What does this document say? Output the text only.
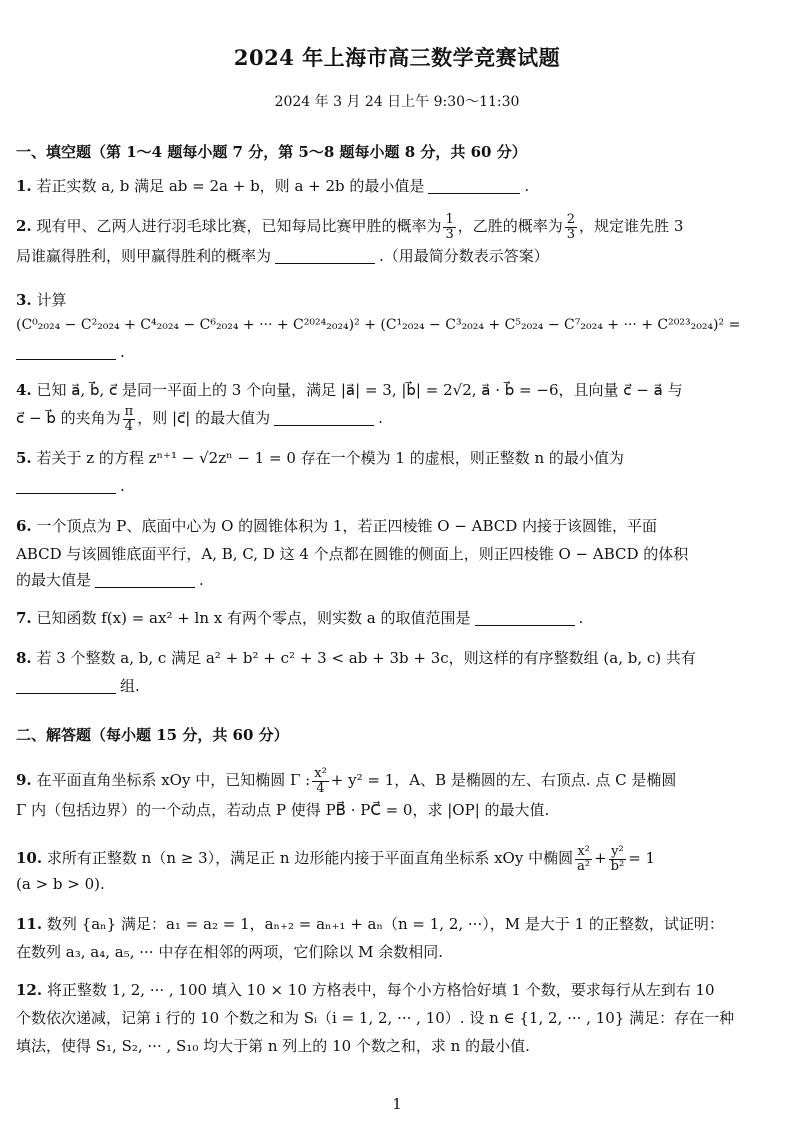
2024 年上海市高三数学竞赛试题
2024 年 3 月 24 日上午 9:30～11:30
一、填空题（第 1～4 题每小题 7 分，第 5～8 题每小题 8 分，共 60 分）
1. 若正实数 a, b 满足 ab = 2a + b，则 a + 2b 的最小值是	.
2. 现有甲、乙两人进行羽毛球比赛，已知每局比赛甲胜的概率为 $\frac{1}{3}$ ，乙胜的概率为 $\frac{2}{3}$ ，规定谁先胜 3
局谁赢得胜利，则甲赢得胜利的概率为	.（用最简分数表示答案）
3. 计算
(C⁰₂₀₂₄ − C²₂₀₂₄ + C⁴₂₀₂₄ − C⁶₂₀₂₄ + ··· + C²⁰²⁴₂₀₂₄)² + (C¹₂₀₂₄ − C³₂₀₂₄ + C⁵₂₀₂₄ − C⁷₂₀₂₄ + ··· + C²⁰²³₂₀₂₄)² =
.
4. 已知 a⃗, b⃗, c⃗ 是同一平面上的 3 个向量，满足 |a⃗| = 3, |b⃗| = 2√2, a⃗ · b⃗ = −6，且向量 c⃗ − a⃗ 与
c⃗ − b⃗ 的夹角为 $\frac{\pi}{4}$ ，则 |c⃗| 的最大值为	.
5. 若关于 z 的方程 zⁿ⁺¹ − √2zⁿ − 1 = 0 存在一个模为 1 的虚根，则正整数 n 的最小值为
.
6. 一个顶点为 P、底面中心为 O 的圆锥体积为 1，若正四棱锥 O − ABCD 内接于该圆锥，平面
ABCD 与该圆锥底面平行，A, B, C, D 这 4 个点都在圆锥的侧面上，则正四棱锥 O − ABCD 的体积
的最大值是	.
7. 已知函数 f(x) = ax² + ln x 有两个零点，则实数 a 的取值范围是	.
8. 若 3 个整数 a, b, c 满足 a² + b² + c² + 3 < ab + 3b + 3c，则这样的有序整数组 (a, b, c) 共有
组.
二、解答题（每小题 15 分，共 60 分）
9. 在平面直角坐标系 xOy 中，已知椭圆 Γ : $\frac{\text{x²}}{4} + y^2 = 1$，A、B 是椭圆的左、右顶点. 点 C 是椭圆
Γ 内（包括边界）的一个动点，若动点 P 使得 PB⃗ · PC⃗ = 0，求 |OP| 的最大值.
10. 求所有正整数 n（n ≥ 3），满足正 n 边形能内接于平面直角坐标系 xOy 中椭圆 $\frac{\text{x²}}{\text{a²}} + \frac{\text{y²}}{\text{b²}} = 1$
(a > b > 0).
11. 数列 {aₙ} 满足：a₁ = a₂ = 1，aₙ₊₂ = aₙ₊₁ + aₙ（n = 1, 2, ···），M 是大于 1 的正整数，试证明：
在数列 a₃, a₄, a₅, ··· 中存在相邻的两项，它们除以 M 余数相同.
12. 将正整数 1, 2, ··· , 100 填入 10 × 10 方格表中，每个小方格恰好填 1 个数，要求每行从左到右 10
个数依次递减，记第 i 行的 10 个数之和为 Sᵢ（i = 1, 2, ··· , 10）. 设 n ∈ {1, 2, ··· , 10} 满足：存在一种
填法，使得 S₁, S₂, ··· , S₁₀ 均大于第 n 列上的 10 个数之和，求 n 的最小值.
1
